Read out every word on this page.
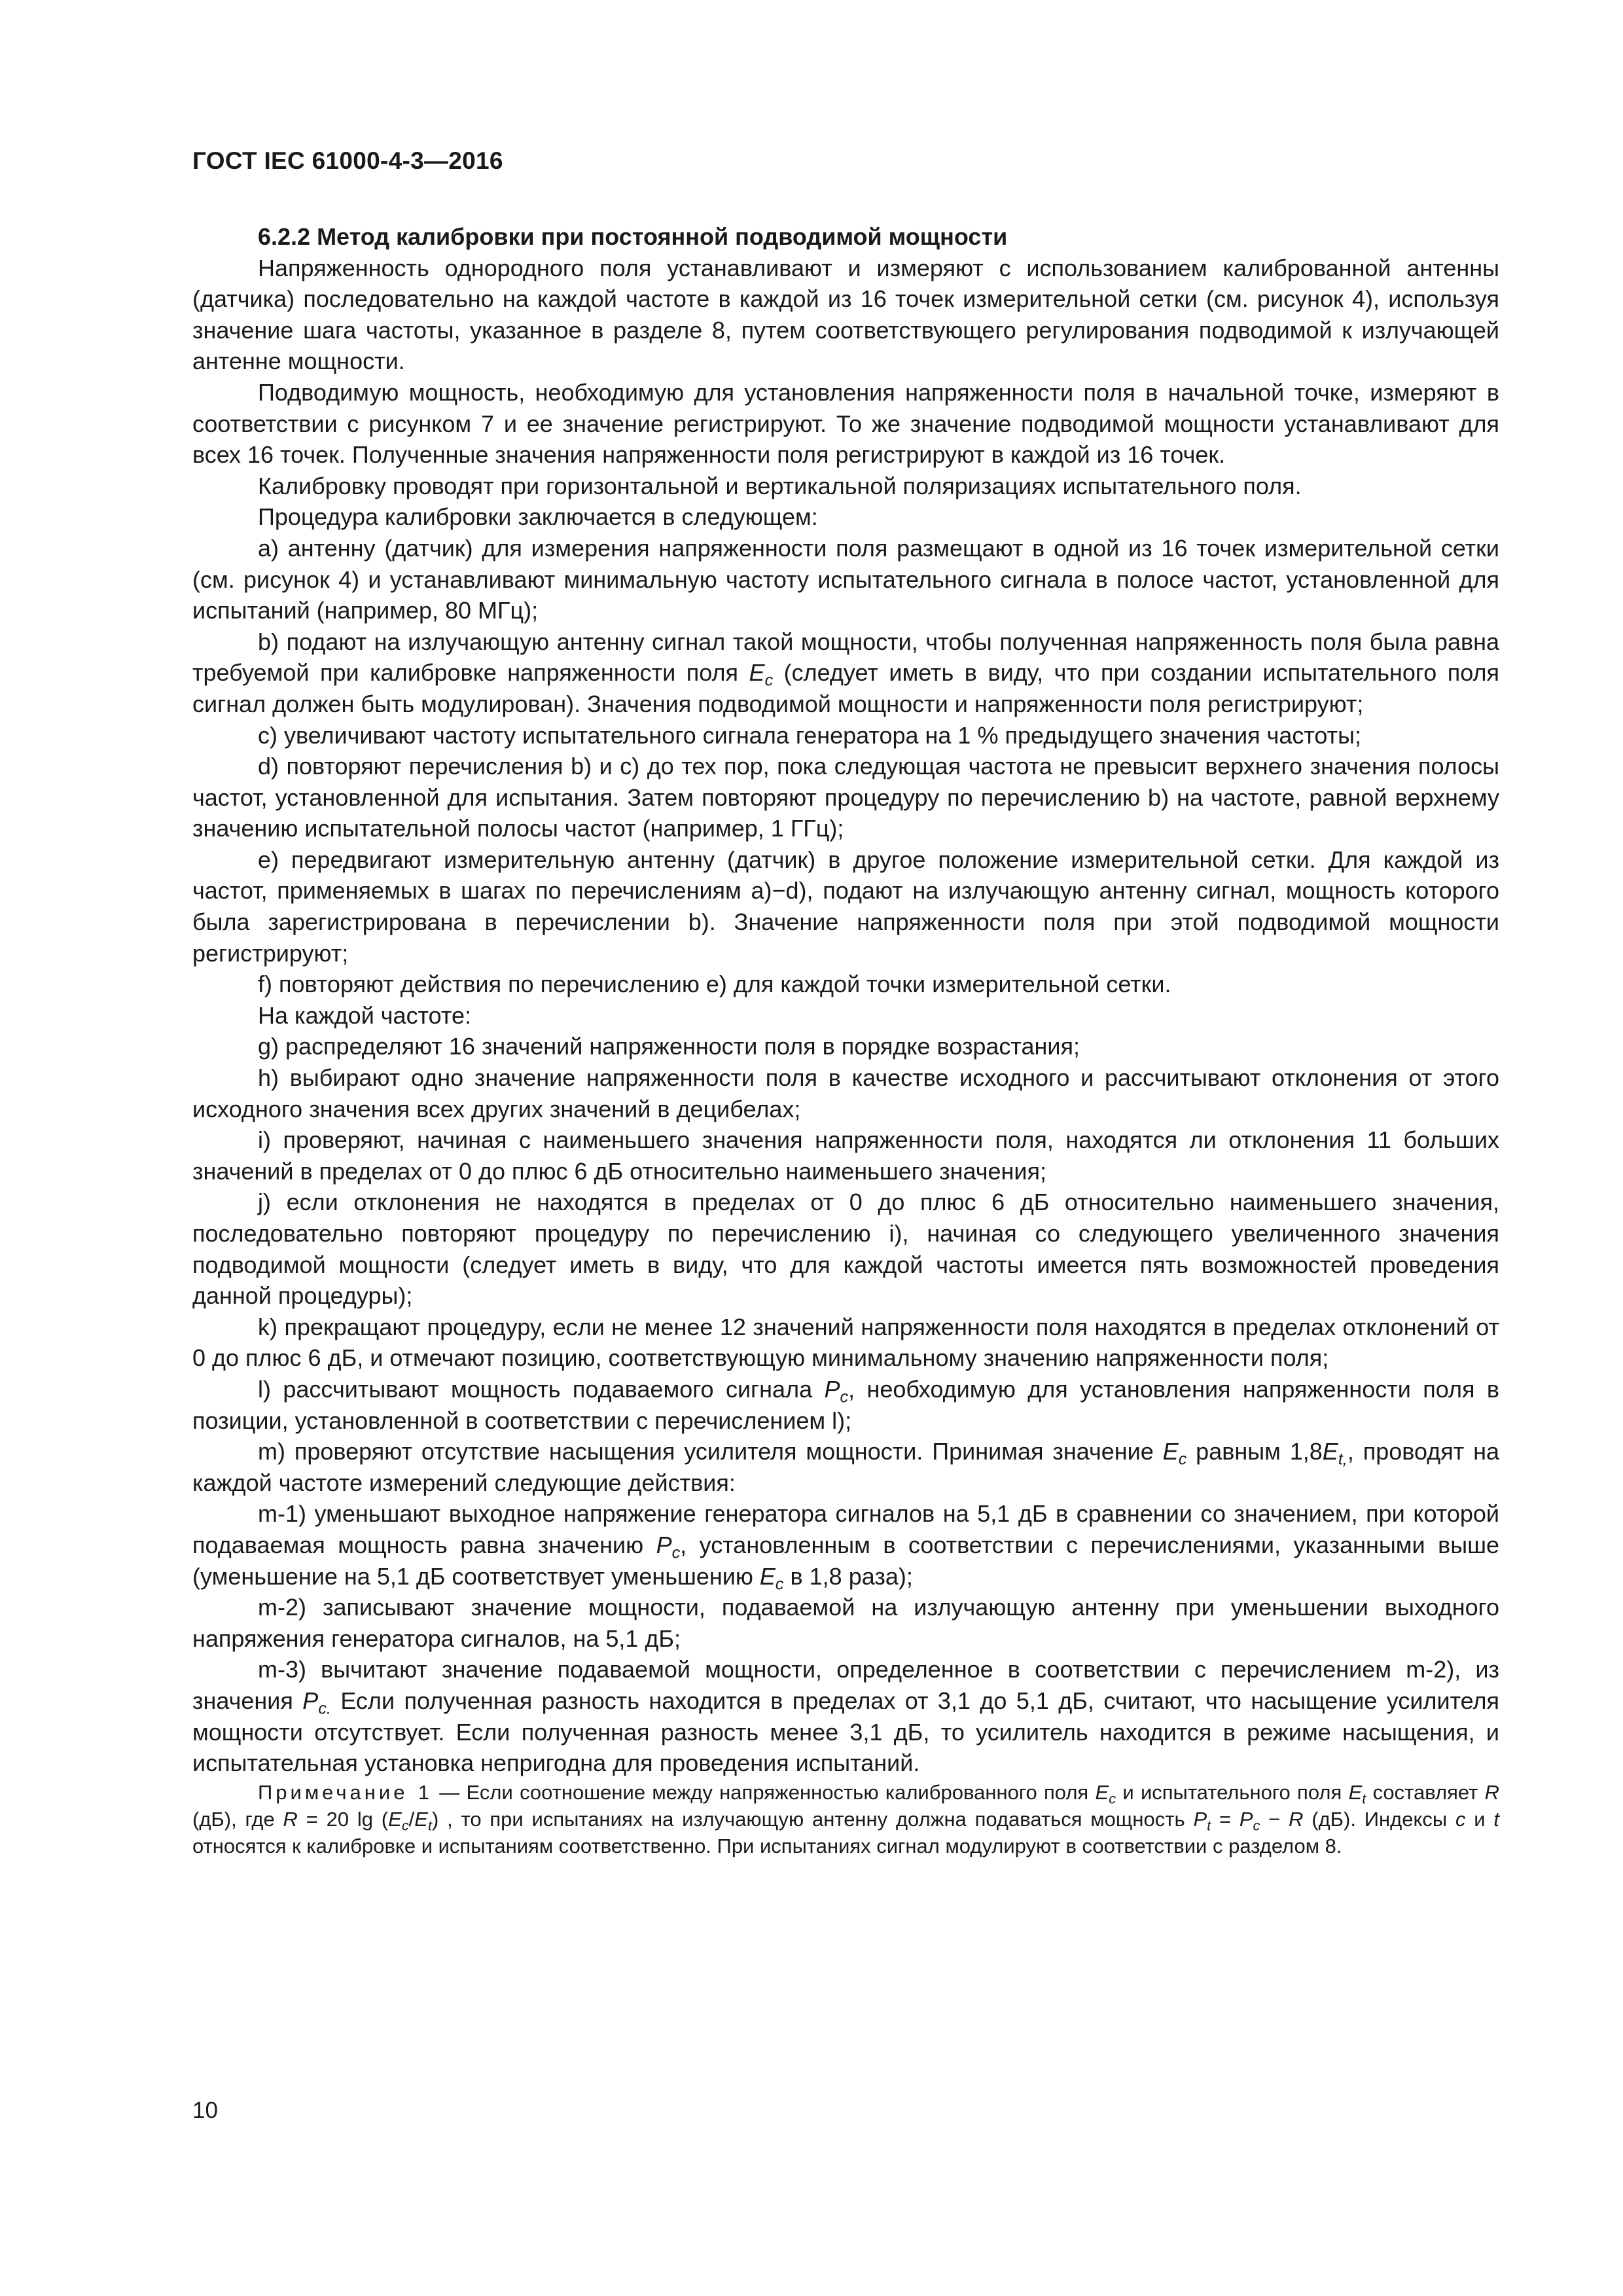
ГОСТ IEC 61000-4-3—2016

6.2.2 Метод калибровки при постоянной подводимой мощности

Напряженность однородного поля устанавливают и измеряют с использованием калиброванной антенны (датчика) последовательно на каждой частоте в каждой из 16 точек измерительной сетки (см. рисунок 4), используя значение шага частоты, указанное в разделе 8, путем соответствующего регулирования подводимой к излучающей антенне мощности.

Подводимую мощность, необходимую для установления напряженности поля в начальной точке, измеряют в соответствии с рисунком 7 и ее значение регистрируют. То же значение подводимой мощности устанавливают для всех 16 точек. Полученные значения напряженности поля регистрируют в каждой из 16 точек.

Калибровку проводят при горизонтальной и вертикальной поляризациях испытательного поля.

Процедура калибровки заключается в следующем:

а) антенну (датчик) для измерения напряженности поля размещают в одной из 16 точек измерительной сетки (см. рисунок 4) и устанавливают минимальную частоту испытательного сигнала в полосе частот, установленной для испытаний (например, 80 МГц);

b) подают на излучающую антенну сигнал такой мощности, чтобы полученная напряженность поля была равна требуемой при калибровке напряженности поля $E_c$ (следует иметь в виду, что при создании испытательного поля сигнал должен быть модулирован). Значения подводимой мощности и напряженности поля регистрируют;

с) увеличивают частоту испытательного сигнала генератора на 1 % предыдущего значения частоты;

d) повторяют перечисления b) и с) до тех пор, пока следующая частота не превысит верхнего значения полосы частот, установленной для испытания. Затем повторяют процедуру по перечислению b) на частоте, равной верхнему значению испытательной полосы частот (например, 1 ГГц);

е) передвигают измерительную антенну (датчик) в другое положение измерительной сетки. Для каждой из частот, применяемых в шагах по перечислениям а)−d), подают на излучающую антенну сигнал, мощность которого была зарегистрирована в перечислении b). Значение напряженности поля при этой подводимой мощности регистрируют;

f) повторяют действия по перечислению е) для каждой точки измерительной сетки.

На каждой частоте:

g) распределяют 16 значений напряженности поля в порядке возрастания;

h) выбирают одно значение напряженности поля в качестве исходного и рассчитывают отклонения от этого исходного значения всех других значений в децибелах;

i) проверяют, начиная с наименьшего значения напряженности поля, находятся ли отклонения 11 больших значений в пределах от 0 до плюс 6 дБ относительно наименьшего значения;

j) если отклонения не находятся в пределах от 0 до плюс 6 дБ относительно наименьшего значения, последовательно повторяют процедуру по перечислению i), начиная со следующего увеличенного значения подводимой мощности (следует иметь в виду, что для каждой частоты имеется пять возможностей проведения данной процедуры);

k) прекращают процедуру, если не менее 12 значений напряженности поля находятся в пределах отклонений от 0 до плюс 6 дБ, и отмечают позицию, соответствующую минимальному значению напряженности поля;

l) рассчитывают мощность подаваемого сигнала $P_c$, необходимую для установления напряженности поля в позиции, установленной в соответствии с перечислением l);

m) проверяют отсутствие насыщения усилителя мощности. Принимая значение $E_c$ равным $1,8E_{t,}$, проводят на каждой частоте измерений следующие действия:

m-1) уменьшают выходное напряжение генератора сигналов на 5,1 дБ в сравнении со значением, при которой подаваемая мощность равна значению $P_c$, установленным в соответствии с перечислениями, указанными выше (уменьшение на 5,1 дБ соответствует уменьшению $E_c$ в 1,8 раза);

m-2) записывают значение мощности, подаваемой на излучающую антенну при уменьшении выходного напряжения генератора сигналов, на 5,1 дБ;

m-3) вычитают значение подаваемой мощности, определенное в соответствии с перечислением m-2), из значения $P_{c.}$ Если полученная разность находится в пределах от 3,1 до 5,1 дБ, считают, что насыщение усилителя мощности отсутствует. Если полученная разность менее 3,1 дБ, то усилитель находится в режиме насыщения, и испытательная установка непригодна для проведения испытаний.

Примечание 1 — Если соотношение между напряженностью калиброванного поля $E_c$ и испытательного поля $E_t$ составляет R (дБ), где R = 20 $\lg (E_c/E_t)$ , то при испытаниях на излучающую антенну должна подаваться мощность $P_t = P_c - R$ (дБ). Индексы c и t относятся к калибровке и испытаниям соответственно. При испытаниях сигнал модулируют в соответствии с разделом 8.

10
